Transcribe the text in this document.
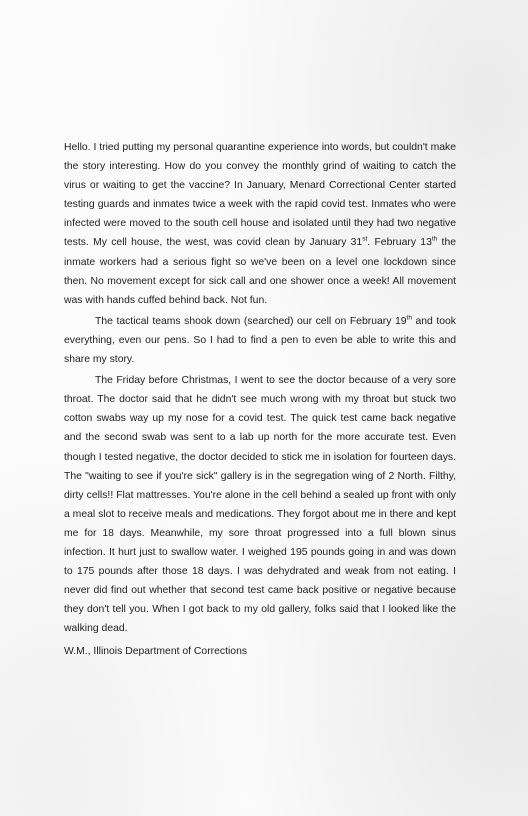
Hello. I tried putting my personal quarantine experience into words, but couldn't make the story interesting. How do you convey the monthly grind of waiting to catch the virus or waiting to get the vaccine? In January, Menard Correctional Center started testing guards and inmates twice a week with the rapid covid test. Inmates who were infected were moved to the south cell house and isolated until they had two negative tests. My cell house, the west, was covid clean by January 31st. February 13th the inmate workers had a serious fight so we've been on a level one lockdown since then. No movement except for sick call and one shower once a week! All movement was with hands cuffed behind back. Not fun.

The tactical teams shook down (searched) our cell on February 19th and took everything, even our pens. So I had to find a pen to even be able to write this and share my story.

The Friday before Christmas, I went to see the doctor because of a very sore throat. The doctor said that he didn't see much wrong with my throat but stuck two cotton swabs way up my nose for a covid test. The quick test came back negative and the second swab was sent to a lab up north for the more accurate test. Even though I tested negative, the doctor decided to stick me in isolation for fourteen days. The "waiting to see if you're sick" gallery is in the segregation wing of 2 North. Filthy, dirty cells!! Flat mattresses. You're alone in the cell behind a sealed up front with only a meal slot to receive meals and medications. They forgot about me in there and kept me for 18 days. Meanwhile, my sore throat progressed into a full blown sinus infection. It hurt just to swallow water. I weighed 195 pounds going in and was down to 175 pounds after those 18 days. I was dehydrated and weak from not eating. I never did find out whether that second test came back positive or negative because they don't tell you. When I got back to my old gallery, folks said that I looked like the walking dead.

W.M., Illinois Department of Corrections
